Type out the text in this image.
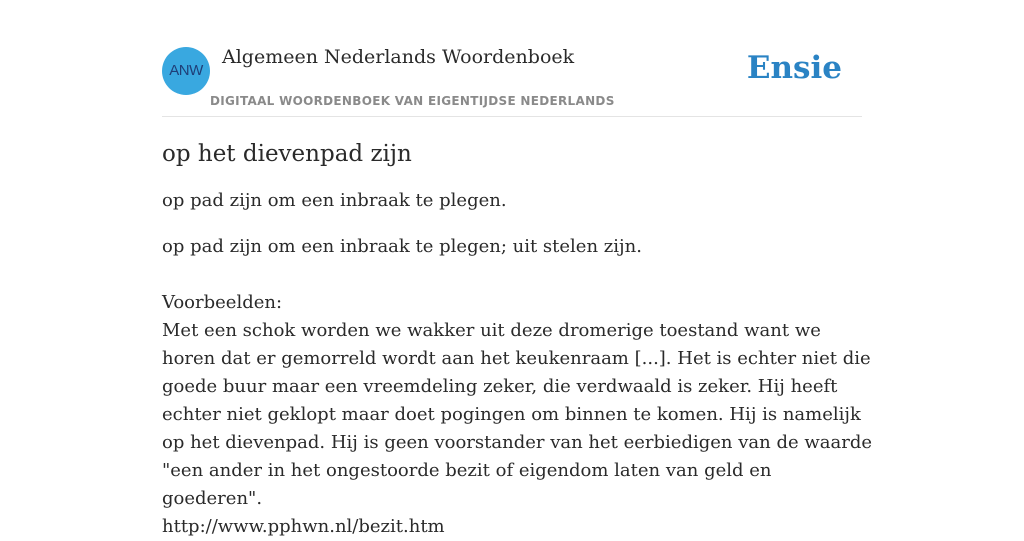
ANW
Algemeen Nederlands Woordenboek
DIGITAAL WOORDENBOEK VAN EIGENTIJDSE NEDERLANDS
Ensie
op het dievenpad zijn

op pad zijn om een inbraak te plegen.

op pad zijn om een inbraak te plegen; uit stelen zijn.

Voorbeelden:

Met een schok worden we wakker uit deze dromerige toestand want we horen dat er gemorreld wordt aan het keukenraam [...]. Het is echter niet die goede buur maar een vreemdeling zeker, die verdwaald is zeker. Hij heeft echter niet geklopt maar doet pogingen om binnen te komen. Hij is namelijk op het dievenpad. Hij is geen voorstander van het eerbiedigen van de waarde "een ander in het ongestoorde bezit of eigendom laten van geld en goederen".

http://www.pphwn.nl/bezit.htm
